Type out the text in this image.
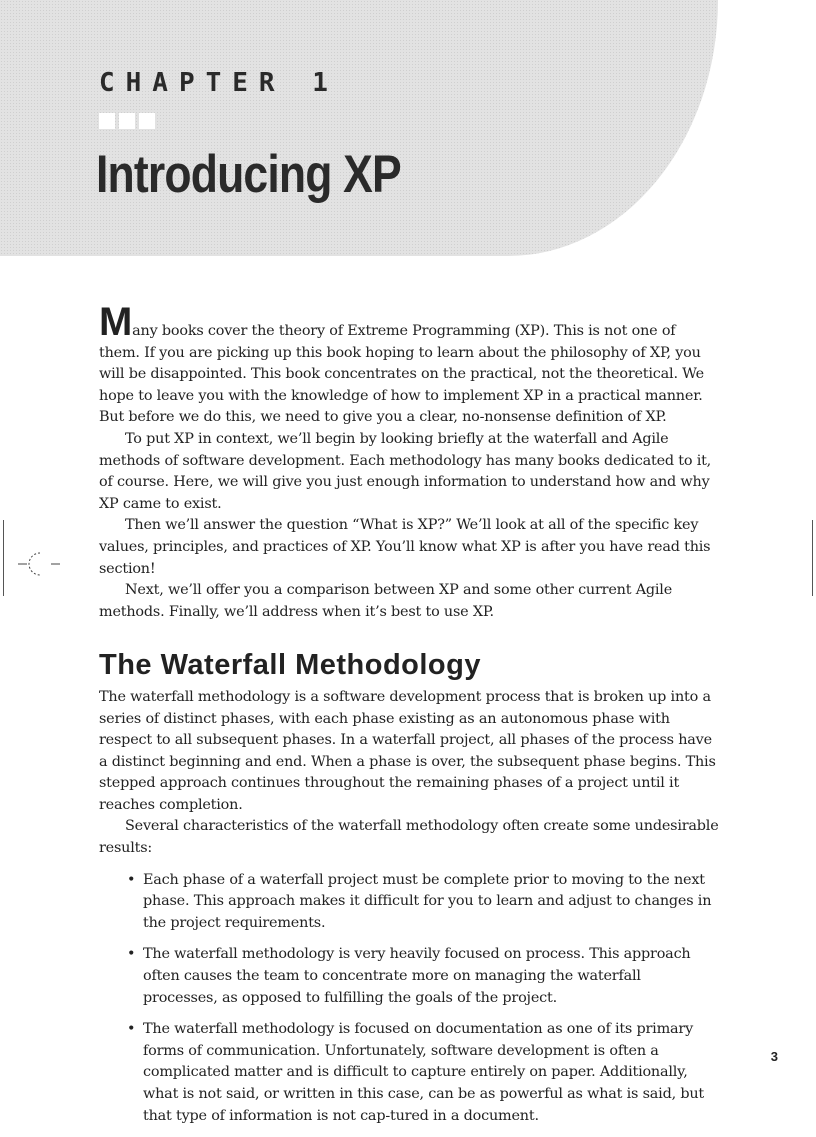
CHAPTER 1
Introducing XP

Many books cover the theory of Extreme Programming (XP). This is not one of them. If you are picking up this book hoping to learn about the philosophy of XP, you will be disappointed. This book concentrates on the practical, not the theoretical. We hope to leave you with the knowledge of how to implement XP in a practical manner. But before we do this, we need to give you a clear, no-nonsense definition of XP.

To put XP in context, we’ll begin by looking briefly at the waterfall and Agile methods of software development. Each methodology has many books dedicated to it, of course. Here, we will give you just enough information to understand how and why XP came to exist.

Then we’ll answer the question “What is XP?” We’ll look at all of the specific key values, principles, and practices of XP. You’ll know what XP is after you have read this section!

Next, we’ll offer you a comparison between XP and some other current Agile methods. Finally, we’ll address when it’s best to use XP.

The Waterfall Methodology

The waterfall methodology is a software development process that is broken up into a series of distinct phases, with each phase existing as an autonomous phase with respect to all subsequent phases. In a waterfall project, all phases of the process have a distinct beginning and end. When a phase is over, the subsequent phase begins. This stepped approach continues throughout the remaining phases of a project until it reaches completion.

Several characteristics of the waterfall methodology often create some undesirable results:

• Each phase of a waterfall project must be complete prior to moving to the next phase. This approach makes it difficult for you to learn and adjust to changes in the project requirements.
• The waterfall methodology is very heavily focused on process. This approach often causes the team to concentrate more on managing the waterfall processes, as opposed to fulfilling the goals of the project.
• The waterfall methodology is focused on documentation as one of its primary forms of communication. Unfortunately, software development is often a complicated matter and is difficult to capture entirely on paper. Additionally, what is not said, or written in this case, can be as powerful as what is said, but that type of information is not cap-tured in a document.
3
